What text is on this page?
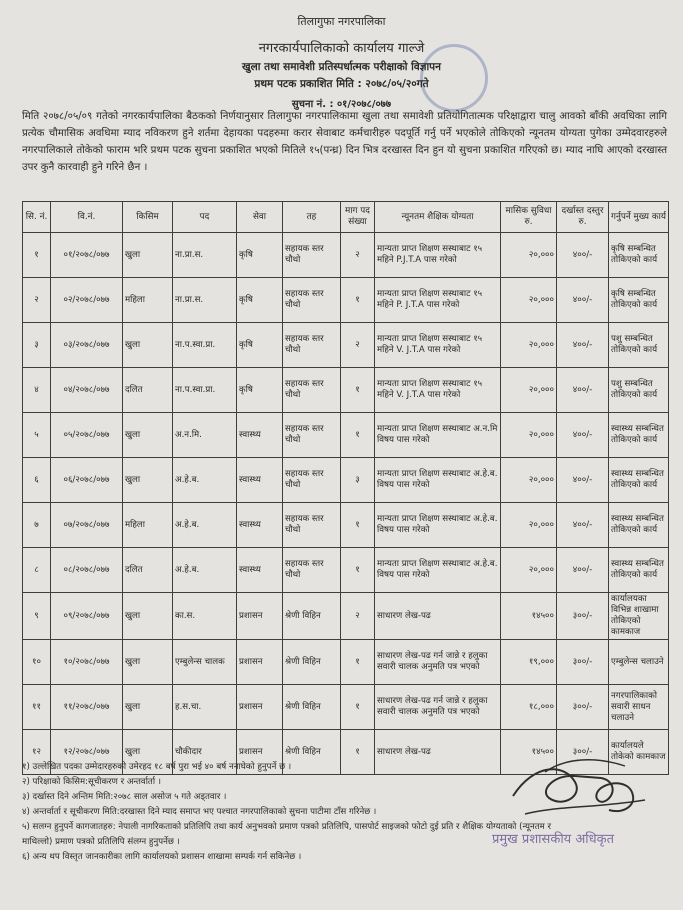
तिलागुफा नगरपालिका
नगरकार्यपालिकाको कार्यालय गाल्जे
खुला तथा समावेशी प्रतिस्पर्धात्मक परीक्षाको विज्ञापन
प्रथम पटक प्रकाशित मिति : २०७८/०५/२०गते
सुचना नं. : ०१/२०७८/०७७
मिति २०७८/०५/०९ गतेको नगरकार्यपालिका बैठकको निर्णयानुसार तिलागुफा नगरपालिकामा खुला तथा समावेशी प्रतियोगितात्मक परिक्षाद्वारा चालु आवको बाँकी अवधिका लागि प्रत्येक चौमासिक अवधिमा म्याद नविकरण हुने शर्तमा देहायका पदहरुमा करार सेवाबाट कर्मचारीहरु पदपूर्ति गर्नु पर्ने भएकोले तोकिएको न्यूनतम योग्यता पुगेका उम्मेदवारहरुले नगरपालिकाले तोकेको फाराम भरि प्रथम पटक सुचना प्रकाशित भएको मितिले १५(पन्ध्र) दिन भित्र दरखास्त दिन हुन यो सुचना प्रकाशित गरिएको छ। म्याद नाघि आएको दरखास्त उपर कुनै कारवाही हुने गरिने छैन ।
सि. नं.	वि.नं.	किसिम	पद	सेवा	तह	माग पद संख्या	न्यूनतम शैक्षिक योग्यता	मासिक सुविधा रु.	दर्खास्त दस्तुर रु.	गर्नुपर्ने मुख्य कार्य
१	०१/२०७८/०७७	खुला	ना.प्रा.स.	कृषि	सहायक स्तर चौथो	२	मान्यता प्राप्त शिक्षण सस्थाबाट १५ महिने P.J.T.A पास गरेको	२०,०००	४००/-	कृषि सम्बन्धित तोकिएको कार्य
२	०२/२०७८/०७७	महिला	ना.प्रा.स.	कृषि	सहायक स्तर चौथो	१	मान्यता प्राप्त शिक्षण सस्थाबाट १५ महिने P. J.T.A पास गरेको	२०,०००	४००/-	कृषि सम्बन्धित तोकिएको कार्य
३	०३/२०७८/०७७	खुला	ना.प.स्वा.प्रा.	कृषि	सहायक स्तर चौथो	२	मान्यता प्राप्त शिक्षण सस्थाबाट १५ महिने V. J.T.A पास गरेको	२०,०००	४००/-	पशु सम्बन्धित तोकिएको कार्य
४	०४/२०७८/०७७	दलित	ना.प.स्वा.प्रा.	कृषि	सहायक स्तर चौथो	१	मान्यता प्राप्त शिक्षण सस्थाबाट १५ महिने V. J.T.A पास गरेको	२०,०००	४००/-	पशु सम्बन्धित तोकिएको कार्य
५	०५/२०७८/०७७	खुला	अ.न.मि.	स्वास्थ्य	सहायक स्तर चौथो	१	मान्यता प्राप्त शिक्षण सस्थाबाट अ.न.मि विषय पास गरेको	२०,०००	४००/-	स्वास्थ्य सम्बन्धित तोकिएको कार्य
६	०६/२०७८/०७७	खुला	अ.हे.ब.	स्वास्थ्य	सहायक स्तर चौथो	३	मान्यता प्राप्त शिक्षण सस्थाबाट अ.हे.ब. विषय पास गरेको	२०,०००	४००/-	स्वास्थ्य सम्बन्धित तोकिएको कार्य
७	०७/२०७८/०७७	महिला	अ.हे.ब.	स्वास्थ्य	सहायक स्तर चौथो	१	मान्यता प्राप्त शिक्षण सस्थाबाट अ.हे.ब. विषय पास गरेको	२०,०००	४००/-	स्वास्थ्य सम्बन्धित तोकिएको कार्य
८	०८/२०७८/०७७	दलित	अ.हे.ब.	स्वास्थ्य	सहायक स्तर चौथो	१	मान्यता प्राप्त शिक्षण सस्थाबाट अ.हे.ब. विषय पास गरेको	२०,०००	४००/-	स्वास्थ्य सम्बन्धित तोकिएको कार्य
९	०९/२०७८/०७७	खुला	का.स.	प्रशासन	श्रेणी विहिन	२	साधारण लेख-पढ	१४५००	३००/-	कार्यालयका विभिन्न शाखामा तोकिएको कामकाज
१०	१०/२०७८/०७७	खुला	एम्बुलेन्स चालक	प्रशासन	श्रेणी विहिन	१	साधारण लेख-पढ गर्न जान्ने र हलुका सवारी चालक अनुमति पत्र भएको	१९,०००	३००/-	एम्बुलेन्स चलाउने
११	११/२०७८/०७७	खुला	ह.स.चा.	प्रशासन	श्रेणी विहिन	१	साधारण लेख-पढ गर्न जान्ने र हलुका सवारी चालक अनुमति पत्र भएको	१८,०००	३००/-	नगरपालिकाको सवारी साधन चलाउने
१२	१२/२०७८/०७७	खुला	चौकीदार	प्रशासन	श्रेणी विहिन	१	साधारण लेख-पढ	१४५००	३००/-	कार्यालयले तोकेको कामकाज
१) उल्लेखित पदका उम्मेदारहरुको उमेरहद १८ बर्ष पुरा भई ४० बर्ष ननाघेको हुनुपर्ने छ ।
२) परिक्षाको किसिम:सूचीकरण र अन्तर्वार्ता ।
३) दर्खास्त दिने अन्तिम मिति:२०७८ साल असोज ५ गते अड्तवार ।
४) अन्तर्वार्ता र सूचीकरण मिति:दरखास्त दिने म्याद समाप्त भए पश्चात नगरपालिकाको सुचना पाटीमा टाँस गरिनेछ ।
५) सलग्न हुनुपर्ने कागजातहरु: नेपाली नागरिकताको प्रतिलिपि तथा कार्य अनुभवको प्रमाण पत्रको प्रतिलिपि, पासपोर्ट साइजको फोटो दुई प्रति र शैक्षिक योग्यताको (न्यूनतम र
माथिल्लो) प्रमाण पत्रको प्रतिलिपि संलग्न हुनुपर्नेछ ।
६) अन्य थप विस्तृत जानकारीका लागि कार्यालयको प्रशासन शाखामा सम्पर्क गर्न सकिनेछ ।
प्रमुख प्रशासकीय अधिकृत
